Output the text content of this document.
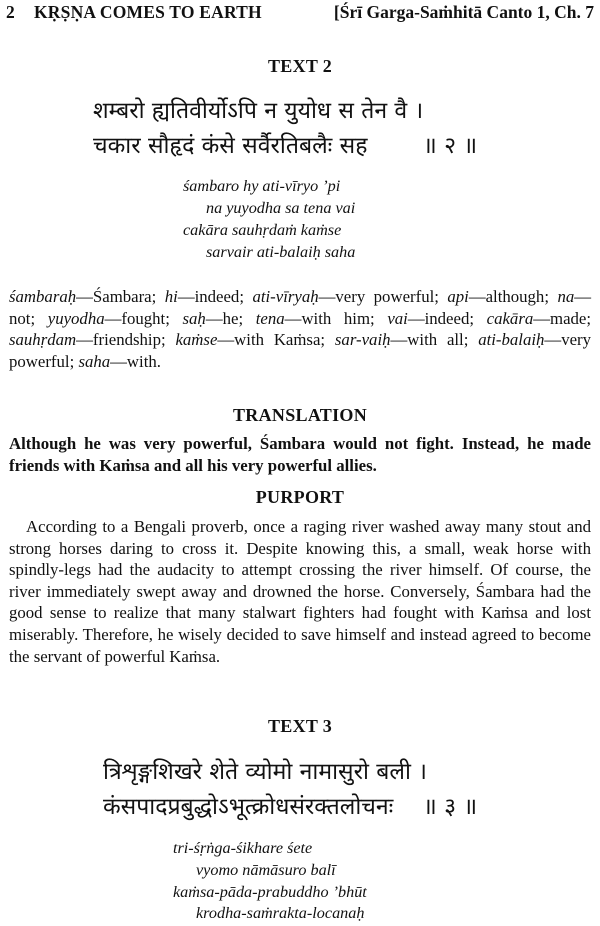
2 KṚṢṆA COMES TO EARTH	[Śrī Garga-Saṁhitā Canto 1, Ch. 7
TEXT 2
शम्बरो ह्यतिवीर्योऽपि न युयोध स तेन वै ।
चकार सौहृदं कंसे सर्वैरतिबलैः सह ॥ २ ॥
śambaro hy ati-vīryo ’pi
na yuyodha sa tena vai
cakāra sauhṛdaṁ kaṁse
sarvair ati-balaiḥ saha

śambaraḥ—Śambara; hi—indeed; ati-vīryaḥ—very powerful; api—although; na—not; yuyodha—fought; saḥ—he; tena—with him; vai—indeed; cakāra—made; sauhṛdam—friendship; kaṁse—with Kaṁsa; sar-vaiḥ—with all; ati-balaiḥ—very powerful; saha—with.

TRANSLATION

Although he was very powerful, Śambara would not fight. Instead, he made friends with Kaṁsa and all his very powerful allies.

PURPORT

According to a Bengali proverb, once a raging river washed away many stout and strong horses daring to cross it. Despite knowing this, a small, weak horse with spindly-legs had the audacity to attempt crossing the river himself. Of course, the river immediately swept away and drowned the horse. Conversely, Śambara had the good sense to realize that many stalwart fighters had fought with Kaṁsa and lost miserably. Therefore, he wisely decided to save himself and instead agreed to become the servant of powerful Kaṁsa.

TEXT 3
त्रिशृङ्गशिखरे शेते व्योमो नामासुरो बली ।
कंसपादप्रबुद्धोऽभूत्क्रोधसंरक्तलोचनः ॥ ३ ॥
tri-śṛṅga-śikhare śete
vyomo nāmāsuro balī
kaṁsa-pāda-prabuddho ’bhūt
krodha-saṁrakta-locanaḥ
